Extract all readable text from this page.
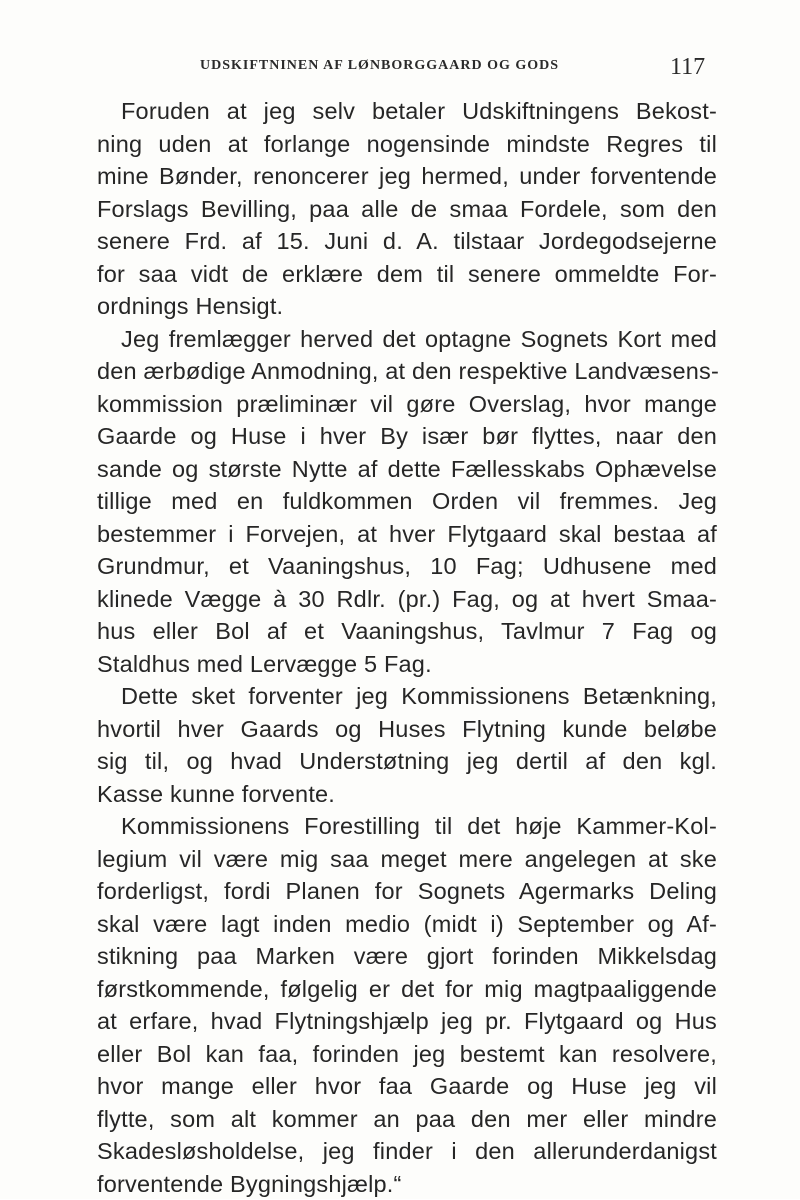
UDSKIFTNINEN AF LØNBORGGAARD OG GODS	117
Foruden at jeg selv betaler Udskiftningens Bekost-
ning uden at forlange nogensinde mindste Regres til
mine Bønder, renoncerer jeg hermed, under forventende
Forslags Bevilling, paa alle de smaa Fordele, som den
senere Frd. af 15. Juni d. A. tilstaar Jordegodsejerne
for saa vidt de erklære dem til senere ommeldte For-
ordnings Hensigt.
Jeg fremlægger herved det optagne Sognets Kort med
den ærbødige Anmodning, at den respektive Landvæsens-
kommission præliminær vil gøre Overslag, hvor mange
Gaarde og Huse i hver By især bør flyttes, naar den
sande og største Nytte af dette Fællesskabs Ophævelse
tillige med en fuldkommen Orden vil fremmes. Jeg
bestemmer i Forvejen, at hver Flytgaard skal bestaa af
Grundmur, et Vaaningshus, 10 Fag; Udhusene med
klinede Vægge à 30 Rdlr. (pr.) Fag, og at hvert Smaa-
hus eller Bol af et Vaaningshus, Tavlmur 7 Fag og
Staldhus med Lervægge 5 Fag.
Dette sket forventer jeg Kommissionens Betænkning,
hvortil hver Gaards og Huses Flytning kunde beløbe
sig til, og hvad Understøtning jeg dertil af den kgl.
Kasse kunne forvente.
Kommissionens Forestilling til det høje Kammer-Kol-
legium vil være mig saa meget mere angelegen at ske
forderligst, fordi Planen for Sognets Agermarks Deling
skal være lagt inden medio (midt i) September og Af-
stikning paa Marken være gjort forinden Mikkelsdag
førstkommende, følgelig er det for mig magtpaaliggende
at erfare, hvad Flytningshjælp jeg pr. Flytgaard og Hus
eller Bol kan faa, forinden jeg bestemt kan resolvere,
hvor mange eller hvor faa Gaarde og Huse jeg vil
flytte, som alt kommer an paa den mer eller mindre
Skadesløsholdelse, jeg finder i den allerunderdanigst
forventende Bygningshjælp.“
